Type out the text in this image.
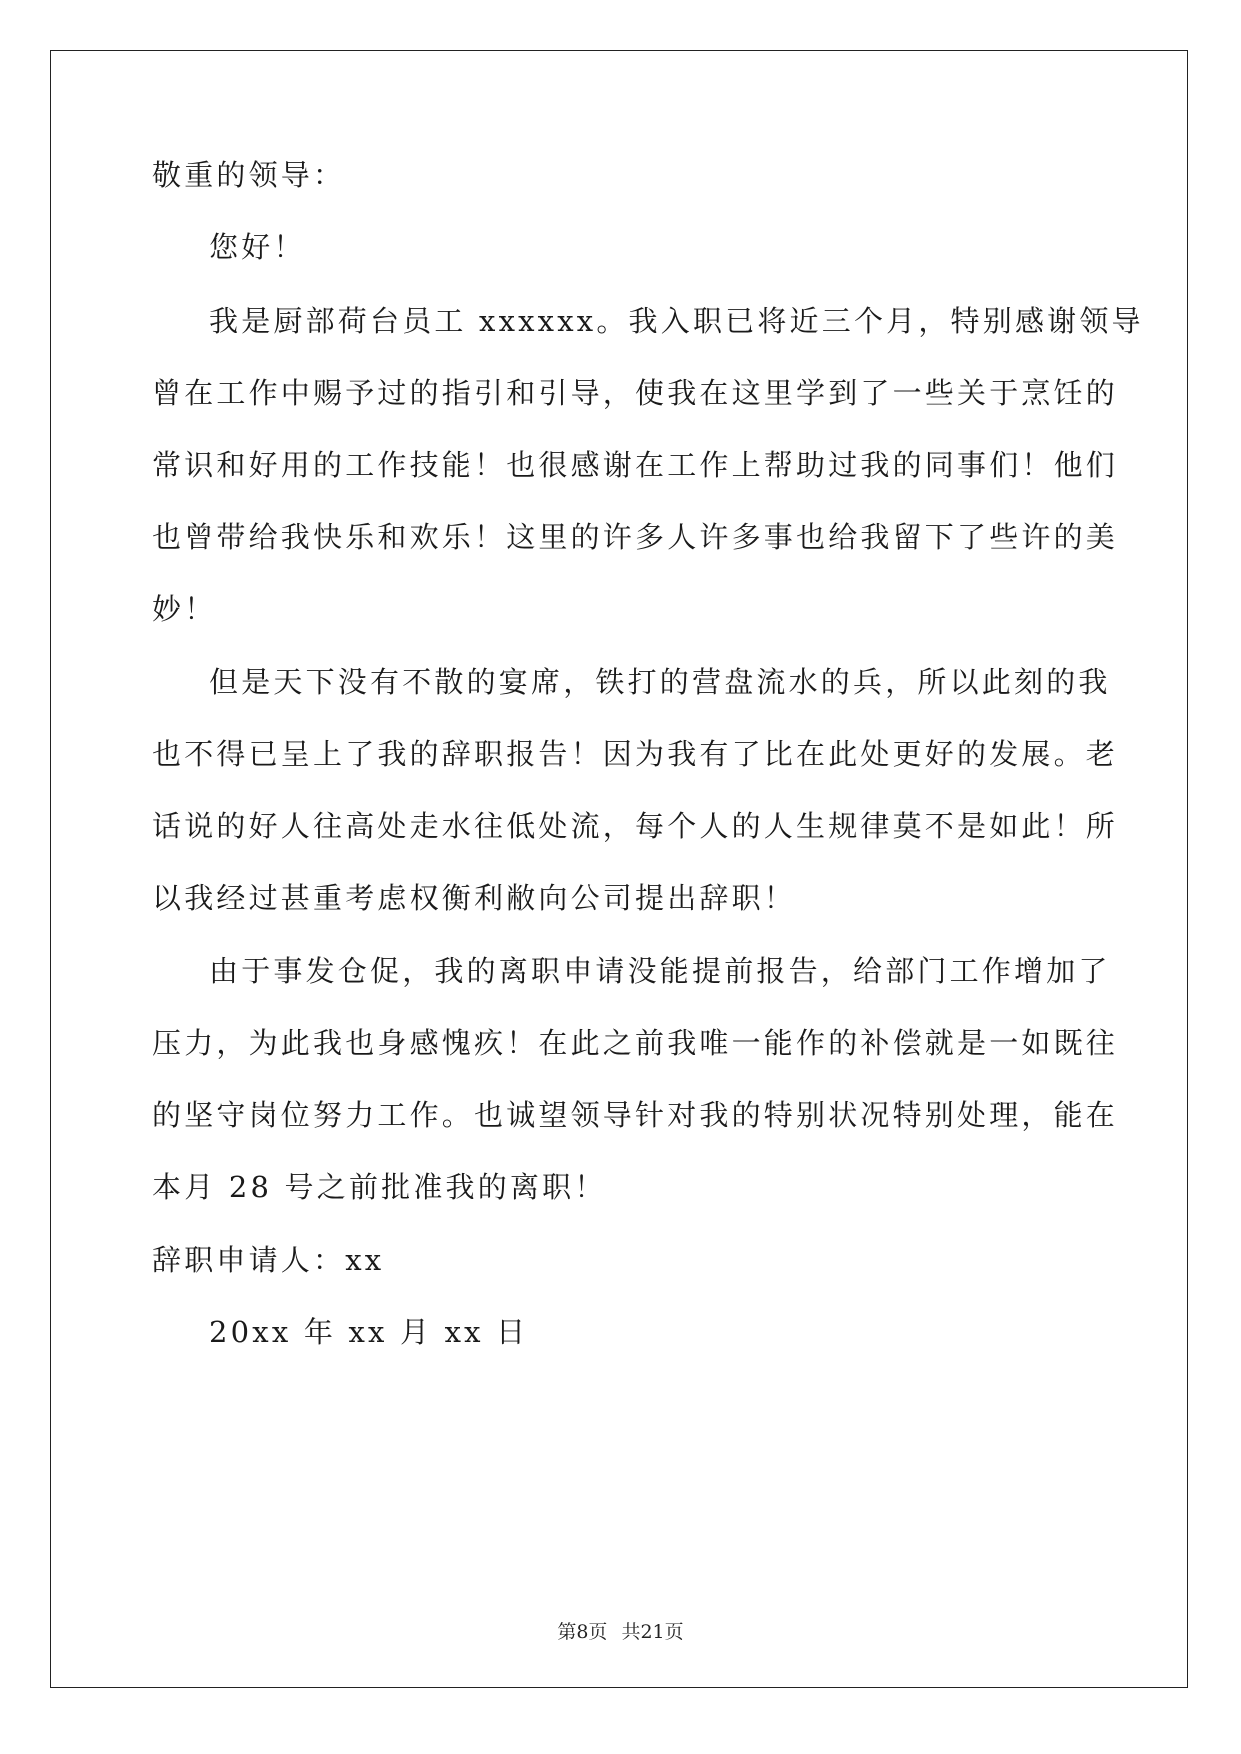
敬重的领导：
您好！
我是厨部荷台员工 xxxxxx。我入职已将近三个月，特别感谢领导
曾在工作中赐予过的指引和引导，使我在这里学到了一些关于烹饪的
常识和好用的工作技能！也很感谢在工作上帮助过我的同事们！他们
也曾带给我快乐和欢乐！这里的许多人许多事也给我留下了些许的美
妙！
但是天下没有不散的宴席，铁打的营盘流水的兵，所以此刻的我
也不得已呈上了我的辞职报告！因为我有了比在此处更好的发展。老
话说的好人往高处走水往低处流，每个人的人生规律莫不是如此！所
以我经过甚重考虑权衡利敝向公司提出辞职！
由于事发仓促，我的离职申请没能提前报告，给部门工作增加了
压力，为此我也身感愧疚！在此之前我唯一能作的补偿就是一如既往
的坚守岗位努力工作。也诚望领导针对我的特别状况特别处理，能在
本月 28 号之前批准我的离职！
辞职申请人：xx
20xx 年 xx 月 xx 日
第8页 共21页
